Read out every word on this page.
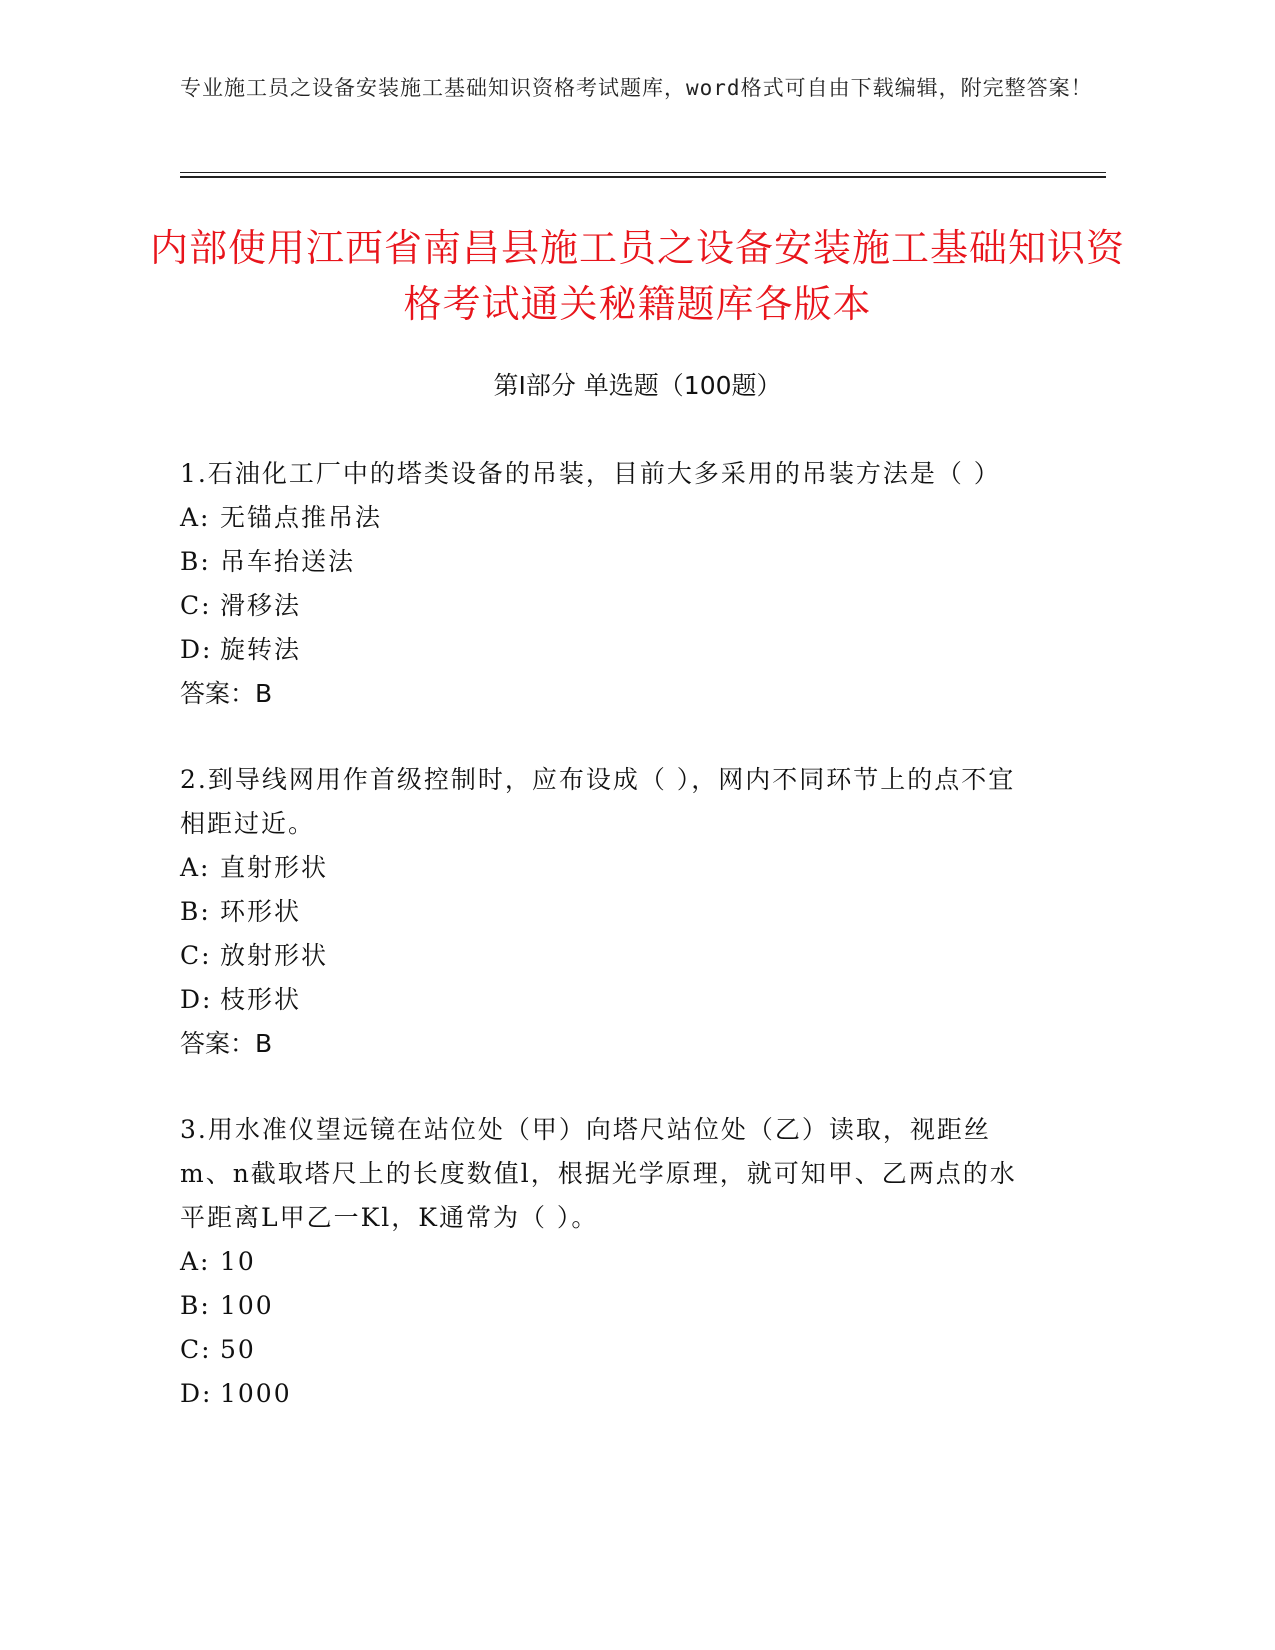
专业施工员之设备安装施工基础知识资格考试题库，word格式可自由下载编辑，附完整答案！
内部使用江西省南昌县施工员之设备安装施工基础知识资格考试通关秘籍题库各版本
第Ⅰ部分 单选题（100题）
1.石油化工厂中的塔类设备的吊装，目前大多采用的吊装方法是（ ）
A: 无锚点推吊法
B: 吊车抬送法
C: 滑移法
D: 旋转法
答案：B
2.到导线网用作首级控制时，应布设成（ ），网内不同环节上的点不宜相距过近。
A: 直射形状
B: 环形状
C: 放射形状
D: 枝形状
答案：B
3.用水准仪望远镜在站位处（甲）向塔尺站位处（乙）读取，视距丝m、n截取塔尺上的长度数值l，根据光学原理，就可知甲、乙两点的水平距离L甲乙一Kl，K通常为（ ）。
A: 10
B: 100
C: 50
D: 1000
